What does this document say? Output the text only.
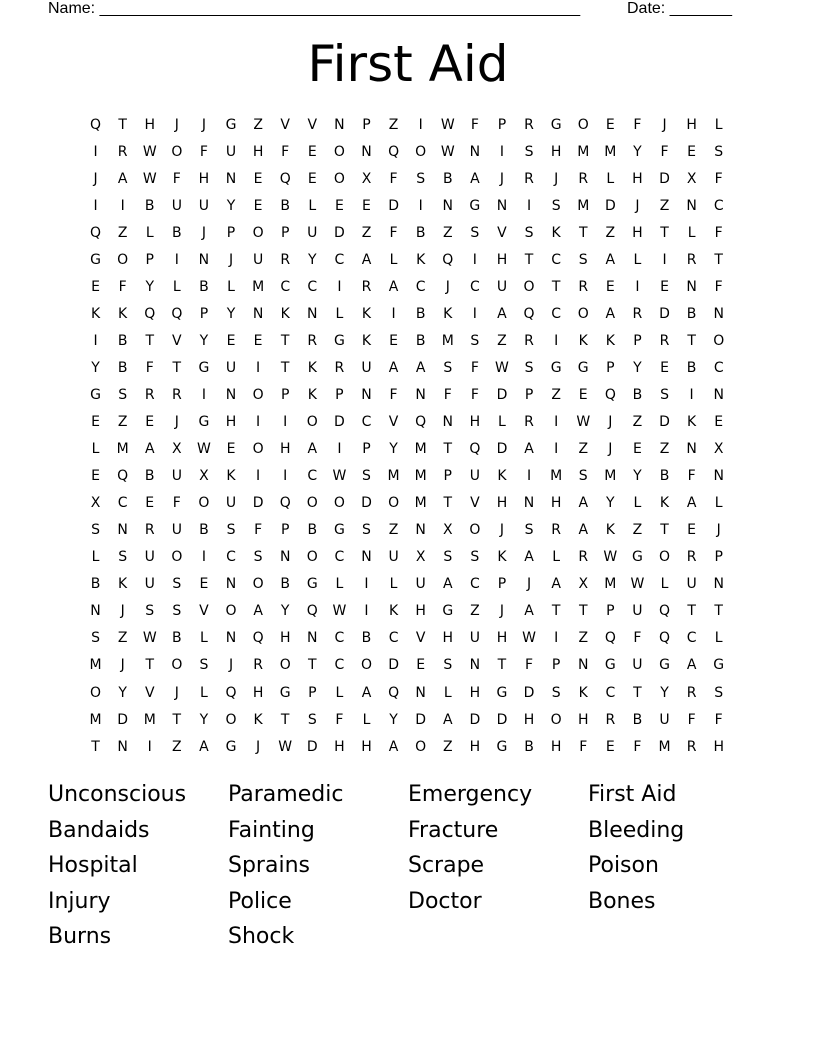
Name: ______________________________________________________	Date: _______
First Aid
Q	T	H	J	J	G	Z	V	V	N	P	Z	I	W	F	P	R	G	O	E	F	J	H	L
I	R	W	O	F	U	H	F	E	O	N	Q	O	W	N	I	S	H	M	M	Y	F	E	S
J	A	W	F	H	N	E	Q	E	O	X	F	S	B	A	J	R	J	R	L	H	D	X	F
I	I	B	U	U	Y	E	B	L	E	E	D	I	N	G	N	I	S	M	D	J	Z	N	C
Q	Z	L	B	J	P	O	P	U	D	Z	F	B	Z	S	V	S	K	T	Z	H	T	L	F
G	O	P	I	N	J	U	R	Y	C	A	L	K	Q	I	H	T	C	S	A	L	I	R	T
E	F	Y	L	B	L	M	C	C	I	R	A	C	J	C	U	O	T	R	E	I	E	N	F
K	K	Q	Q	P	Y	N	K	N	L	K	I	B	K	I	A	Q	C	O	A	R	D	B	N
I	B	T	V	Y	E	E	T	R	G	K	E	B	M	S	Z	R	I	K	K	P	R	T	O
Y	B	F	T	G	U	I	T	K	R	U	A	A	S	F	W	S	G	G	P	Y	E	B	C
G	S	R	R	I	N	O	P	K	P	N	F	N	F	F	D	P	Z	E	Q	B	S	I	N
E	Z	E	J	G	H	I	I	O	D	C	V	Q	N	H	L	R	I	W	J	Z	D	K	E
L	M	A	X	W	E	O	H	A	I	P	Y	M	T	Q	D	A	I	Z	J	E	Z	N	X
E	Q	B	U	X	K	I	I	C	W	S	M	M	P	U	K	I	M	S	M	Y	B	F	N
X	C	E	F	O	U	D	Q	O	O	D	O	M	T	V	H	N	H	A	Y	L	K	A	L
S	N	R	U	B	S	F	P	B	G	S	Z	N	X	O	J	S	R	A	K	Z	T	E	J
L	S	U	O	I	C	S	N	O	C	N	U	X	S	S	K	A	L	R	W	G	O	R	P
B	K	U	S	E	N	O	B	G	L	I	L	U	A	C	P	J	A	X	M	W	L	U	N
N	J	S	S	V	O	A	Y	Q	W	I	K	H	G	Z	J	A	T	T	P	U	Q	T	T
S	Z	W	B	L	N	Q	H	N	C	B	C	V	H	U	H	W	I	Z	Q	F	Q	C	L
M	J	T	O	S	J	R	O	T	C	O	D	E	S	N	T	F	P	N	G	U	G	A	G
O	Y	V	J	L	Q	H	G	P	L	A	Q	N	L	H	G	D	S	K	C	T	Y	R	S
M	D	M	T	Y	O	K	T	S	F	L	Y	D	A	D	D	H	O	H	R	B	U	F	F
T	N	I	Z	A	G	J	W	D	H	H	A	O	Z	H	G	B	H	F	E	F	M	R	H
Unconscious	Paramedic	Emergency	First Aid
Bandaids	Fainting	Fracture	Bleeding
Hospital	Sprains	Scrape	Poison
Injury	Police	Doctor	Bones
Burns	Shock
